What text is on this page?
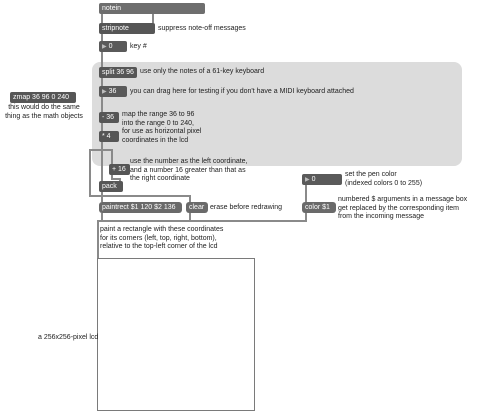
notein
stripnote	suppress note-off messages
▶ 0	key #
split 36 96 use only the notes of a 61-key keyboard
▶ 36	you can drag here for testing if you don't have a MIDI keyboard attached
- 36	map the range 36 to 96
into the range 0 to 240,
for use as horizontal pixel
coordinates in the lcd
* 4
zmap 36 96 0 240
this would do the same
thing as the math objects
+ 16
use the number as the left coordinate,
and a number 16 greater than that as
the right coordinate
pack
▶ 0
set the pen color
(indexed colors 0 to 255)
numbered $ arguments in a message box
get replaced by the corresponding item
from the incoming message
paintrect $1 120 $2 136	clear erase before redrawing	color $1
paint a rectangle with these coordinates
for its corners (left, top, right, bottom),
relative to the top-left corner of the lcd
a 256x256-pixel lcd
